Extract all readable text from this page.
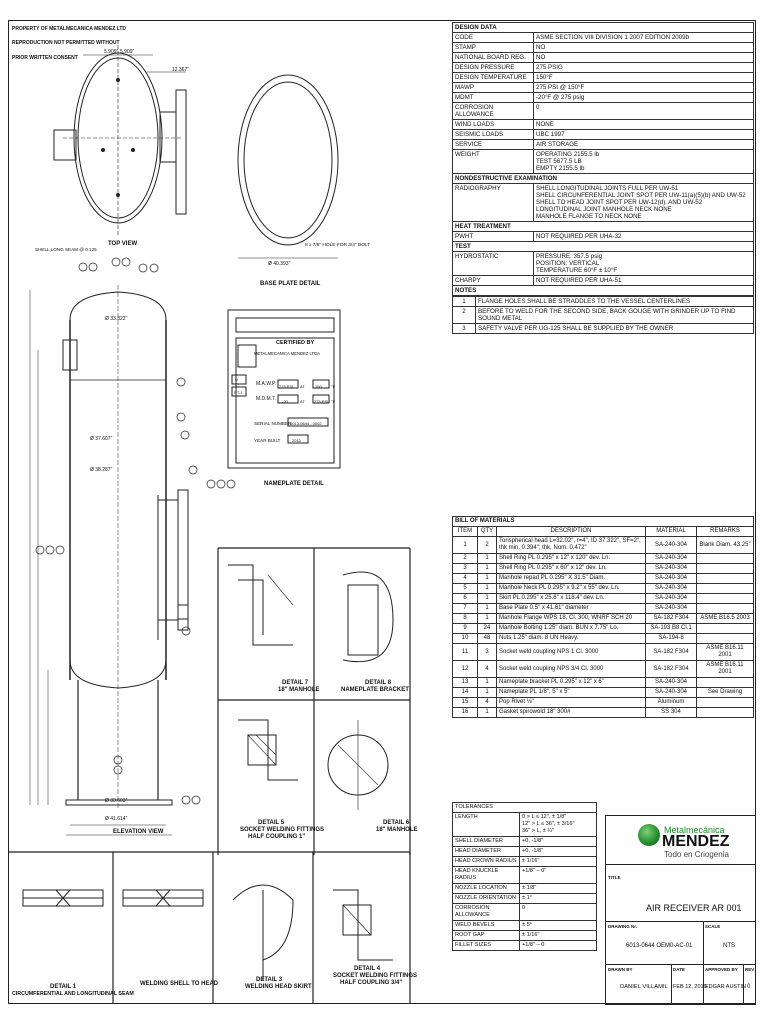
PROPERTY OF METALMECANICA MENDEZ LTD
REPRODUCTION NOT PERMITTED WITHOUT
PRIOR WRITTEN CONSENT
TOP VIEW
BASE PLATE DETAIL
NAMEPLATE DETAIL
ELEVATION VIEW
DETAIL 7
18" MANHOLE
DETAIL 8
NAMEPLATE BRACKET
DETAIL 5
SOCKET WELDING FITTINGS
HALF COUPLING 1"
DETAIL 6
18" MANHOLE
DETAIL 1
CIRCUMFERENTIAL AND LONGITUDINAL SEAM
WELDING SHELL TO HEAD
DETAIL 3
WELDING HEAD SKIRT
DETAIL 4
SOCKET WELDING FITTINGS
HALF COUPLING 3/4"
5.909" 5.909"
12.367"
Ø 40.393"
8 x 7/8" HOLE FOR 3/4" BOLT
SHELL LONG SEAM @ 0.125
Ø 33.322"
Ø 37.607"
Ø 38.287"
Ø 33.603"
Ø 41.614"
CERTIFIED BY
METALMECANICA MENDEZ LTDA
M.A.W.P.
M.D.M.T.
275 PSI AT	150 °F
-20	AT 275 PSI °F
U
RT-1
SERIAL NUMBER
6013-0644 - 0002
YEAR BUILT	2010
DESIGN DATA
CODE	ASME SECTION VIII DIVISION 1 2007 EDITION 2009b
STAMP	NO
NATIONAL BOARD REG.	NO
DESIGN PRESSURE	275 PSIG
DESIGN TEMPERATURE	150°F
MAWP	275 PSI @ 150°F
MDMT	-20°F @ 275 psig
CORROSION ALLOWANCE	0
WIND LOADS	NONE
SEISMIC LOADS	UBC 1997
SERVICE	AIR STORAGE
WEIGHT	OPERATING 2155.5 lb
TEST 5677.5 LB
EMPTY 2155.5 lb

NONDESTRUCTIVE EXAMINATION
RADIOGRAPHY	SHELL LONGITUDINAL JOINTS FULL PER UW-51
SHELL CIRCUNFERENTIAL JOINT SPOT PER UW-11(a)(5)(b) AND UW-52
SHELL TO HEAD JOINT SPOT PER UW-12(d), AND UW-52
LONGITUDINAL JOINT MANHOLE NECK NONE
MANHOLE FLANGE TO NECK NONE

HEAT TREATMENT
PWHT	NOT REQUIRED PER UHA-32
TEST
HYDROSTATIC	PRESSURE: 357.5 psig
POSITION: VERTICAL
TEMPERATURE 60°F ± 10°F

CHARPY	NOT REQUIRED PER UHA-51
NOTES

1	FLANGE HOLES SHALL BE STRADDLES TO THE VESSEL CENTERLINES
2	BEFORE TO WELD FOR THE SECOND SIDE, BACK GOUGE WITH GRINDER UP TO FIND SOUND METAL
3	SAFETY VALVE PER UG-125 SHALL BE SUPPLIED BY THE OWNER
BILL OF MATERIALS				
ITEM	QTY	DESCRIPTION	MATERIAL	REMARKS
1	2	Torispherical head L=32.02", r=4", ID 37.322", SF=2", thk min. 0.394"; thk. Nom. 0.472"	SA-240-304	Blank Diam. 43.25"
2	1	Shell Ring PL 0.295" x 12" x 120" dev. Ln.	SA-240-304	
3	1	Shell Ring PL 0.295" x 60" x 12" dev. Ln.	SA-240-304	
4	1	Manhole repad PL 0.295" X 31.5" Diam.	SA-240-304	
5	1	Manhole Neck PL 0.295" x 9.2" x 55" dev. Ln.	SA-240-304	
6	1	Skirt PL 0.295" x 25.6" x 118.4" dev. Ln.	SA-240-304	
7	1	Base Plate 0.5" x 41.61" diameter	SA-240-304	
8	1	Manhole Flange WPS 18, Cl. 300, WNRF SCH 20	SA-182 F304	ASME B16.5 2003
9	24	Manhole Bolting 1.25" diam. BUN x 7.75" Lo.	SA-193 B8 Cl.1	
10	48	Nuts 1.25" diam. 8 UN Heavy.	SA-194-8	
11	3	Socket weld coupling NPS 1 Cl. 3000	SA-182 F304	ASME B16.11 2001
12	4	Socket weld coupling NPS 3/4 Cl. 3000	SA-182 F304	ASME B16.11 2001
13	1	Nameplate bracket PL 0.295" x 12" x 6"	SA-240-304	
14	1	Nameplate PL 1/8", 5" x 5"	SA-240-304	See Drawing
15	4	Pop Rivet ⅛"	Aluminum	
16	1	Gasket spirowold 18" 300#	SS 304	
TOLERANCES	
LENGTH	0 > L ≤ 12", ± 1/8"
12" > L ≤ 36", ± 3/16"
36" > L, ± ¼"

SHELL DIAMETER	+0, -1/8"
HEAD DIAMETER	+0, -1/8"
HEAD CROWN RADIUS	± 1/16"
HEAD KNUCKLE RADIUS	+1/8" – 0"
NOZZLE LOCATION	± 1/8"
NOZZLE ORIENTATION	± 1°
CORROSION ALLOWANCE	0
WELD BEVELS	± 5°
ROOT GAP	± 1/16"
FILLET SIZES	+1/8" – 0
Metalmecánica
MENDEZ
Todo en Criogenia
TITLE
AIR RECEIVER AR 001
DRAWING Nr.
6013-0644 OEM0-AC-01
SCALE
NTS
DRAWN BY
DANIEL VILLAMIL
DATE
FEB 12, 2010
APPROVED BY
EDGAR AUSTIN
REV
0
